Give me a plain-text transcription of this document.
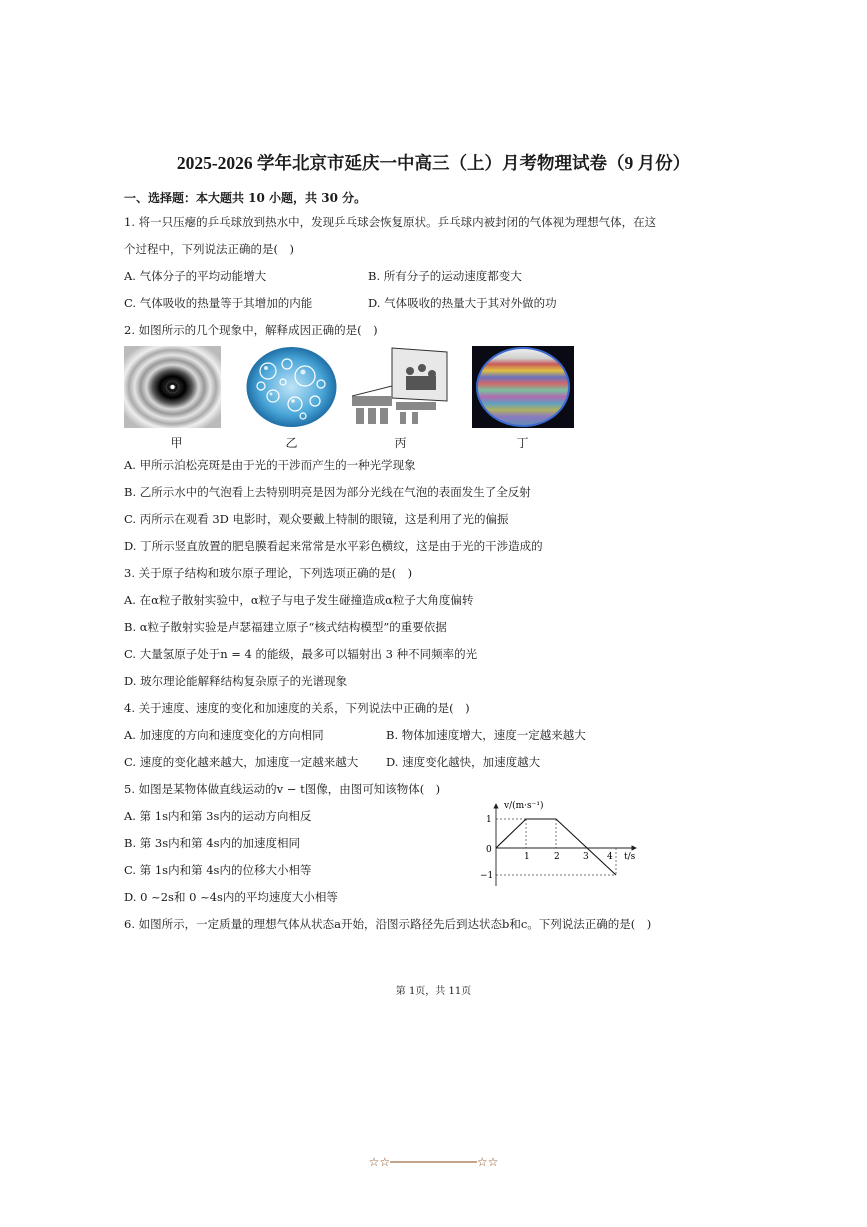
2025-2026 学年北京市延庆一中高三（上）月考物理试卷（9 月份）
一、选择题：本大题共 10 小题，共 30 分。
1. 将一只压瘪的乒乓球放到热水中，发现乒乓球会恢复原状。乒乓球内被封闭的气体视为理想气体，在这
个过程中，下列说法正确的是(　)
A. 气体分子的平均动能增大	B. 所有分子的运动速度都变大
C. 气体吸收的热量等于其增加的内能	D. 气体吸收的热量大于其对外做的功
2. 如图所示的几个现象中，解释成因正确的是(　)
甲	乙	丙	丁
A. 甲所示泊松亮斑是由于光的干涉而产生的一种光学现象
B. 乙所示水中的气泡看上去特别明亮是因为部分光线在气泡的表面发生了全反射
C. 丙所示在观看 3D 电影时，观众要戴上特制的眼镜，这是利用了光的偏振
D. 丁所示竖直放置的肥皂膜看起来常常是水平彩色横纹，这是由于光的干涉造成的
3. 关于原子结构和玻尔原子理论，下列选项正确的是(　)
A. 在α粒子散射实验中，α粒子与电子发生碰撞造成α粒子大角度偏转
B. α粒子散射实验是卢瑟福建立原子“核式结构模型”的重要依据
C. 大量氢原子处于n = 4 的能级，最多可以辐射出 3 种不同频率的光
D. 玻尔理论能解释结构复杂原子的光谱现象
4. 关于速度、速度的变化和加速度的关系，下列说法中正确的是(　)
A. 加速度的方向和速度变化的方向相同	B. 物体加速度增大，速度一定越来越大
C. 速度的变化越来越大，加速度一定越来越大 D. 速度变化越快，加速度越大
5. 如图是某物体做直线运动的v − t图像，由图可知该物体(　)
A. 第 1s内和第 3s内的运动方向相反
B. 第 3s内和第 4s内的加速度相同
C. 第 1s内和第 4s内的位移大小相等
D. 0 ~2s和 0 ~4s内的平均速度大小相等
v/(m·s⁻¹)
t/s
0
1
−1
1	2	3 4
6. 如图所示，一定质量的理想气体从状态a开始，沿图示路径先后到达状态b和c。下列说法正确的是(　)
第 1页，共 11页
☆☆────────────☆☆
